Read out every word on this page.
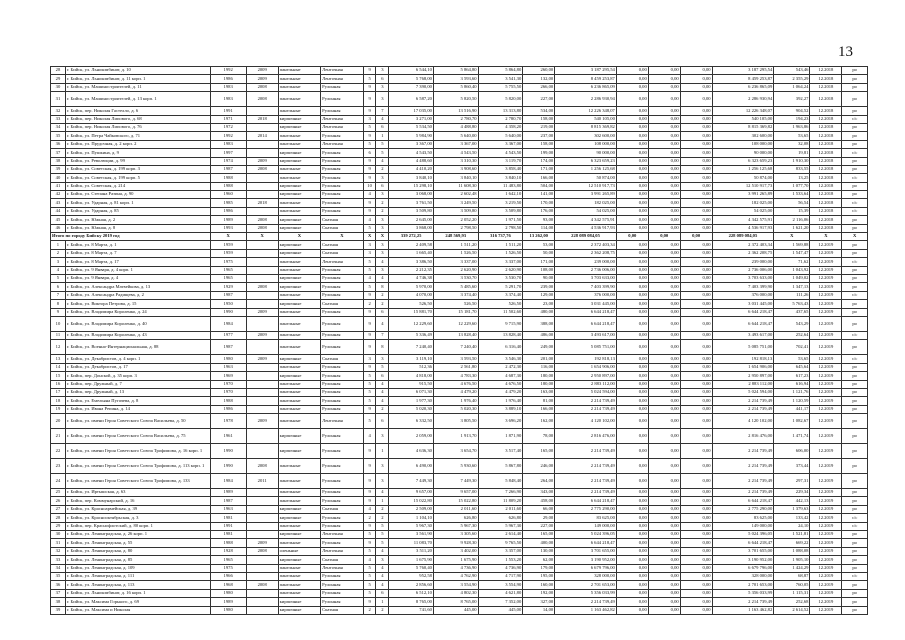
13
28	г. Бийск, ул. Льнокомбинат, д. 10	1992	2009	панельные	Ленточная	9	3	6 544,10	5 864,80	5 864,80	260,00	3 187 295,54	0,00	0,00	0,00	3 187 295,54	543,46	12.2018	ро
29	г. Бийск, ул. Льнокомбинат, д. 11 корп. 1	1986	2009	панельные	Ленточная	5	6	5 768,00	3 593,60	3 541,30	132,00	8 459 253,87	0,00	0,00	0,00	8 459 253,87	2 355,29	12.2018	ро
30	г. Бийск, ул. Машиностроителей, д. 11	1983	2008	панельные	Рулонная	9	3	7 390,00	5 860,40	5 755,50	266,00	6 236 865,09	0,00	0,00	0,00	6 236 865,09	1 064,24	12.2018	ро
31	г. Бийск, ул. Машиностроителей, д. 13 корп. 1	1983	2008	панельные	Рулонная	9	3	6 587,20	5 820,50	5 820,00	227,00	2 286 930,94	0,00	0,00	0,00	2 286 930,94	392,27	12.2018	ро
32	г. Бийск, пер. Николая Гастелло, д. 6	1991		панельные	Рулонная	9	7	17 035,00	13 516,90	13 313,80	534,00	12 226 348,07	0,00	0,00	0,00	12 226 348,07	904,52	12.2018	ро
33	г. Бийск, пер. Николая Липового, д. 68	1971	2018	кирпичные	Ленточная	3	4	3 271,00	2 780,70	2 780,70	158,00	540 105,00	0,00	0,00	0,00	540 105,00	194,23	12.2018	с/с
34	г. Бийск, пер. Николая Липового, д. 76	1972		кирпичные	Ленточная	5	6	5 534,50	4 488,80	4 358,20	219,00	8 815 369,82	0,00	0,00	0,00	8 815 369,82	1 963,86	12.2018	ро
35	г. Бийск, ул. Петра Чайковского, д. 71	1992	2014	панельные	Рулонная	9	1	5 984,90	5 640,00	5 640,00	237,00	302 600,00	0,00	0,00	0,00	302 600,00	53,65	12.2018	ро
36	г. Бийск, ул. Прудочная, д. 2 корп. 2	1983		панельные	Ленточная	5	5	3 367,00	3 367,00	3 367,00	158,00	108 000,00	0,00	0,00	0,00	108 000,00	32,08	12.2018	ро
37	г. Бийск, ул. Пушкина, д. 9	1997		кирпичные	Рулонная	6	5	4 543,50	4 543,50	4 543,50	199,00	90 000,00	0,00	0,00	0,00	90 000,00	19,81	12.2018	с/с
38	г. Бийск, ул. Революции, д. 99	1974	2009	кирпичные	Рулонная	9	4	4 488,60	3 310,30	3 119,70	174,00	6 323 659,23	0,00	0,00	0,00	6 323 659,23	1 910,30	12.2018	ро
39	г. Бийск, ул. Советская, д. 199 корп. 3	1987	2008	панельные	Рулонная	9	2	4 410,20	3 908,60	3 858,40	171,00	1 256 125,68	0,00	0,00	0,00	1 256 125,68	833,55	12.2018	ро
40	г. Бийск, ул. Советская, д. 199 корп. 5	1988		панельные	Рулонная	9	3	3 840,10	3 840,10	3 840,10	166,00	50 874,00	0,00	0,00	0,00	50 874,00	13,25	12.2018	с/с
41	г. Бийск, ул. Советская, д. 214	1988		кирпичные	Рулонная	10	6	15 298,10	11 608,30	11 483,80	504,00	12 510 917,73	0,00	0,00	0,00	12 510 917,73	1 077,70	12.2018	ро
42	г. Бийск, ул. Степана Разина, д. 90	1960		кирпичные	Рулонная	4	3	3 068,00	2 602,48	1 642,10	141,00	3 991 265,89	0,00	0,00	0,00	3 991 265,89	1 533,64	12.2018	ро
43	г. Бийск, ул. Ударная, д. 81 корп. 1	1985	2018	панельные	Рулонная	9	2	3 761,50	3 249,50	3 219,50	170,00	182 025,00	0,00	0,00	0,00	182 025,00	56,54	12.2018	с/с
44	г. Бийск, ул. Ударная, д. 85	1986		панельные	Рулонная	9	2	3 509,80	3 509,80	3 509,80	176,00	54 025,00	0,00	0,00	0,00	54 025,00	15,39	12.2018	с/с
45	г. Бийск, ул. Южная, д. 2	1989	2008	кирпичные	Скатная	4	3	2 645,00	2 052,20	1 971,50	93,00	4 342 575,91	0,00	0,00	0,00	4 342 575,91	2 116,06	12.2018	ро
46	г. Бийск, ул. Южная, д. 8	1993	2008	кирпичные	Скатная	5	3	3 868,00	2 798,50	2 798,50	114,00	4 536 917,93	0,00	0,00	0,00	4 536 917,93	1 621,20	12.2018	ро
Итого по городу Бийску 2019 год		Х	Х	Х	Х	Х	Х	339 272,25	248 569,93	316 737,76	13 262,00	228 089 084,05	0,00	0,00	0,00	228 089 084,05	Х	Х	Х
1	г. Бийск, ул. 8 Марта, д. 1	1959		кирпичные	Скатная	3	3	2 409,58	1 511,20	1 511,20	53,00	2 372 403,34	0,00	0,00	0,00	2 372 403,34	1 569,88	12.2019	ро
2	г. Бийск, ул. 8 Марта, д. 7	1959		кирпичные	Скатная	3	3	1 665,40	1 526,50	1 526,50	50,00	2 362 208,75	0,00	0,00	0,00	2 362 208,75	1 547,47	12.2019	ро
3	г. Бийск, ул. 8 Марта, д. 17	1975		панельные	Ленточная	5	4	3 386,50	3 337,00	3 337,00	171,00	239 000,00	0,00	0,00	0,00	239 000,00	71,62	12.2019	с/с
4	г. Бийск, ул. 9 Января, д. 4 корп. 1	1965		панельные	Рулонная	5	3	2 212,35	2 620,90	2 620,90	108,00	2 736 006,00	0,00	0,00	0,00	2 736 006,00	1 043,92	12.2019	ро
5	г. Бийск, ул. 9 Января, д. 4	1965		кирпичные	Рулонная	4	4	4 746,38	3 530,70	3 530,70	90,00	3 703 633,00	0,00	0,00	0,00	3 703 633,00	1 049,02	12.2019	ро
6	г. Бийск, ул. Александра Матвейкова, д. 13	1929	2008	кирпичные	Рулонная	5	8	5 970,00	5 485,60	5 291,70	239,00	7 403 399,90	0,00	0,00	0,00	7 403 399,90	1 347,13	12.2019	ро
7	г. Бийск, ул. Александра Радищева, д. 2	1987		панельные	Рулонная	9	2	4 070,00	3 374,40	3 374,40	129,00	376 000,00	0,00	0,00	0,00	376 000,00	111,26	12.2019	с/с
8	г. Бийск, ул. Виктора Петрова, д. 15	1950		кирпичные	Скатная	2	2	526,50	526,50	526,50	23,00	3 031 445,00	0,00	0,00	0,00	3 031 445,00	5 763,43	12.2019	ро
9	г. Бийск, ул. Владимира Короленко, д. 24	1990	2009	панельные	Рулонная	9	6	15 881,70	15 181,70	11 502,60	480,00	6 644 218,47	0,00	0,00	0,00	6 644 218,47	437,65	12.2019	ро
10	г. Бийск, ул. Владимира Короленко, д. 40	1984		панельные	Рулонная	9	4	12 229,60	12 229,60	9 715,90	388,00	6 644 218,47	0,00	0,00	0,00	6 644 218,47	543,29	12.2019	ро
11	г. Бийск, ул. Владимира Короленко, д. 43	1977	2009	панельные	Рулонная	9	7	5 336,49	13 828,40	13 828,40	486,00	3 493 617,00	0,00	0,00	0,00	3 493 617,00	252,64	12.2019	с/с
12	г. Бийск, ул. Военно-Интернациональная, д. 88	1987		панельные	Рулонная	9	8	7 240,40	7 240,40	6 316,40	249,00	5 085 751,00	0,00	0,00	0,00	5 085 751,00	702,41	12.2019	ро
13	г. Бийск, ул. Декабристов, д. 4 корп. 1	1980	2009	кирпичные	Скатная	3	3	3 119,10	3 593,50	3 546,30	201,00	192 818,13	0,00	0,00	0,00	192 818,13	53,65	12.2019	с/с
14	г. Бийск, ул. Декабристов, д. 17	1963		панельные	Рулонная	9	5	512,36	2 561,80	2 472,30	116,00	1 654 906,00	0,00	0,00	0,00	1 654 906,00	645,64	12.2019	ро
15	г. Бийск, пер. Донской, д. 35 корп. 3	1969		кирпичные	Рулонная	5	6	4 818,00	4 783,30	4 687,30	180,00	2 950 897,00	0,00	0,00	0,00	2 950 897,00	617,23	12.2019	ро
16	г. Бийск, пер. Дружный, д. 7	1970		панельные	Рулонная	5	4	915,50	4 676,50	4 676,50	180,00	2 883 112,00	0,00	0,00	0,00	2 883 112,00	616,94	12.2019	ро
17	г. Бийск, пер. Дружный, д. 13	1970		панельные	Рулонная	5	4	6 071,30	4 479,20	4 479,20	163,00	5 024 594,00	0,00	0,00	0,00	5 024 594,00	1 121,76	12.2019	ро
18	г. Бийск, ул. Емельяна Пугачева, д. 8	1988		панельные	Рулонная	5	4	1 977,30	1 976,40	1 976,40	81,00	2 214 739,49	0,00	0,00	0,00	2 214 739,49	1 120,59	12.2019	ро
19	г. Бийск, ул. Ивана Репина, д. 14	1986		панельные	Рулонная	9	2	5 020,30	5 020,30	3 889,10	166,00	2 214 739,49	0,00	0,00	0,00	2 214 739,49	441,17	12.2019	ро
20	г. Бийск, ул. имени Героя Советского Союза Васильева, д. 50	1978	2009	панельные	Ленточная	5	6	6 332,50	3 805,50	3 696,20	162,00	4 120 102,00	0,00	0,00	0,00	4 120 102,00	1 082,67	12.2019	ро
21	г. Бийск, ул. имени Героя Советского Союза Васильева, д. 75	1961		кирпичные	Рулонная	4	3	2 059,00	1 913,70	1 871,90	78,00	2 816 476,00	0,00	0,00	0,00	2 816 476,00	1 471,74	12.2019	ро
22	г. Бийск, ул. имени Героя Советского Союза Трофимова, д. 16 корп. 1	1990		кирпичные	Рулонная	9	1	4 636,30	3 654,70	3 517,40	165,00	2 214 739,49	0,00	0,00	0,00	2 214 739,49	606,00	12.2019	ро
23	г. Бийск, ул. имени Героя Советского Союза Трофимова, д. 113 корп. 1	1990	2008	панельные	Рулонная	9	3	6 490,00	5 930,60	5 867,80	246,00	2 214 739,49	0,00	0,00	0,00	2 214 739,49	373,44	12.2019	ро
24	г. Бийск, ул. имени Героя Советского Союза Трофимова, д. 133	1984	2011	панельные	Рулонная	9	3	7 449,30	7 449,30	5 848,40	264,00	2 214 739,49	0,00	0,00	0,00	2 214 739,49	297,31	12.2019	ро
25	г. Бийск, ул. Иртышская, д. 63	1989		панельные	Рулонная	9	4	9 657,00	9 657,00	7 266,90	343,00	2 214 739,49	0,00	0,00	0,00	2 214 739,49	229,34	12.2019	ро
26	г. Бийск, пер. Коммунарский, д. 16	1987		панельные	Рулонная	9	1	15 022,80	15 022,80	11 809,20	458,00	6 644 218,47	0,00	0,00	0,00	6 644 218,47	442,13	12.2019	ро
27	г. Бийск, ул. Красноармейская, д. 39	1963		кирпичные	Скатная	4	2	2 509,00	2 011,60	2 011,60	66,00	2 775 290,00	0,00	0,00	0,00	2 775 290,00	1 379,63	12.2019	ро
28	г. Бийск, ул. Краснооктябрьская, д. 3	1981		кирпичные	Рулонная	2	2	1 104,10	626,80	626,80	29,00	83 625,00	0,00	0,00	0,00	83 625,00	133,42	12.2019	с/с
29	г. Бийск, пер. Краснофлотский, д. 80 корп. 1	1991		панельные	Рулонная	9	5	5 967,30	5 967,30	5 967,30	227,00	149 000,00	0,00	0,00	0,00	149 000,00	24,10	12.2019	с/с
30	г. Бийск, ул. Ленинградская, д. 26 корп. 1	1981		кирпичные	Ленточная	5	5	3 561,90	3 305,60	2 614,40	165,00	5 024 396,05	0,00	0,00	0,00	5 024 396,05	1 521,81	12.2019	ро
31	г. Бийск, ул. Ленинградская, д. 55	1988	2009	панельные	Рулонная	9	5	11 083,70	9 928,30	9 765,50	400,00	6 644 218,47	0,00	0,00	0,00	6 644 218,47	669,22	12.2019	ро
32	г. Бийск, ул. Ленинградская, д. 80	1928	2008	оленьные	Ленточная	5	4	3 511,20	3 402,00	3 357,00	130,00	3 701 655,00	0,00	0,00	0,00	3 701 655,00	1 088,08	12.2019	ро
33	г. Бийск, ул. Ленинградская, д. 85	1965		кирпичные	Скатная	4	3	1 675,90	1 675,90	1 553,20	62,00	3 190 952,00	0,00	0,00	0,00	3 190 952,00	1 905,10	12.2019	ро
34	г. Бийск, ул. Ленинградская, д. 109	1975		панельные	Ленточная	5	4	5 760,40	4 736,90	4 736,90	179,00	6 679 796,00	0,00	0,00	0,00	6 679 796,00	1 424,29	12.2019	ро
35	г. Бийск, ул. Ленинградская, д. 111	1966		панельные	Рулонная	5	4	952,58	4 762,90	4 717,90	195,00	328 000,00	0,00	0,00	0,00	328 000,00	68,87	12.2019	с/с
36	г. Бийск, ул. Ленинградская, д. 113	1968	2008	панельные	Рулонная	5	4	2 856,60	3 554,90	3 554,90	160,00	2 701 653,00	0,00	0,00	0,00	2 701 653,00	760,05	12.2019	ро
37	г. Бийск, ул. Льнокомбинат, д. 16 корп. 1	1980		панельные	Рулонная	5	6	6 512,10	4 802,30	4 621,80	192,00	5 356 033,99	0,00	0,00	0,00	5 356 033,99	1 115,31	12.2019	ро
38	г. Бийск, ул. Максима Горького, д. 69	1989		кирпичные	Рулонная	9	1	8 765,00	8 765,00	7 352,00	327,00	2 214 739,49	0,00	0,00	0,00	2 214 739,49	252,68	12.2019	ро
39	г. Бийск, ул. Максима и Николая	1980		кирпичные	Скатная	2	2	741,60	445,00	445,00	14,00	1 163 462,82	0,00	0,00	0,00	1 163 462,82	2 614,52	12.2019	ро
